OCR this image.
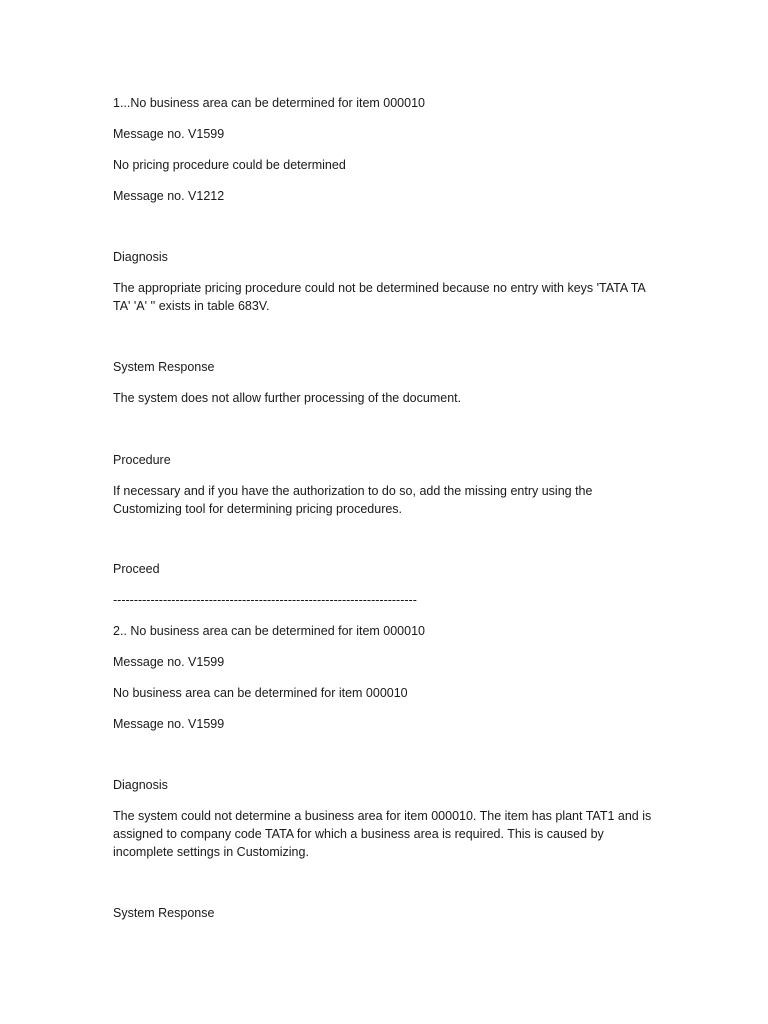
1...No business area can be determined for item 000010

Message no. V1599

No pricing procedure could be determined

Message no. V1212

Diagnosis

The appropriate pricing procedure could not be determined because no entry with keys 'TATA TA TA' 'A' '' exists in table 683V.

System Response

The system does not allow further processing of the document.

Procedure

If necessary and if you have the authorization to do so, add the missing entry using the Customizing tool for determining pricing procedures.

Proceed

-------------------------------------------------------------------------

2.. No business area can be determined for item 000010

Message no. V1599

No business area can be determined for item 000010

Message no. V1599

Diagnosis

The system could not determine a business area for item 000010. The item has plant TAT1 and is assigned to company code TATA for which a business area is required. This is caused by incomplete settings in Customizing.

System Response
